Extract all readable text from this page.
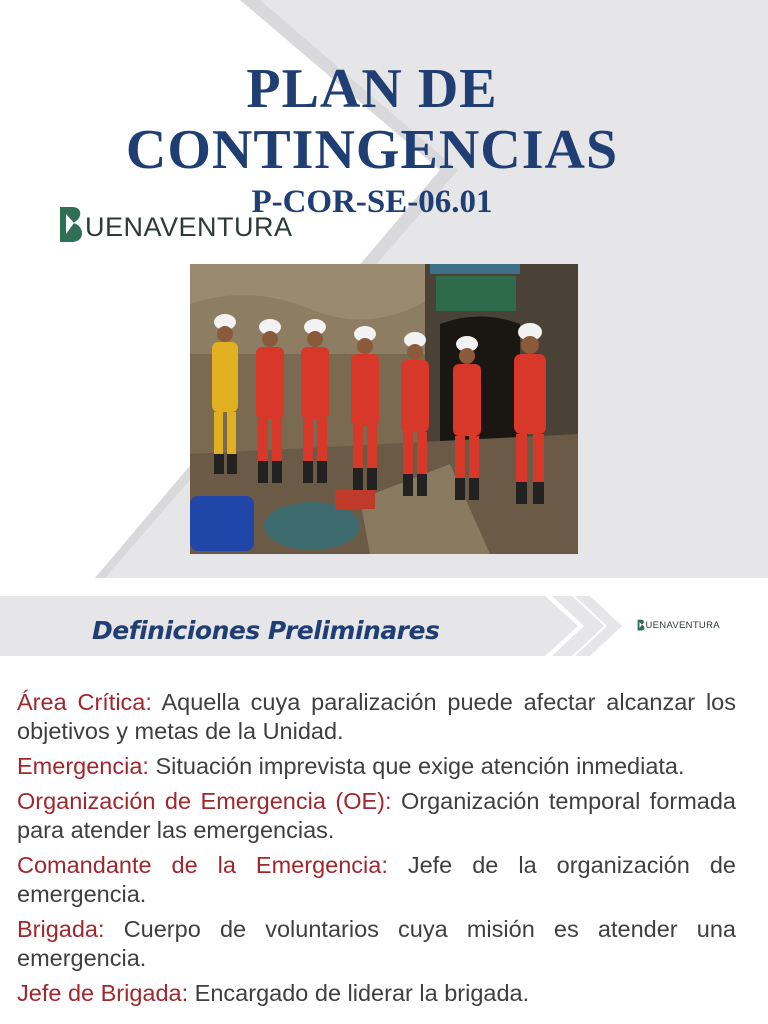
PLAN DE
CONTINGENCIAS
P-COR-SE-06.01
UENAVENTURA
Definiciones Preliminares	UENAVENTURA

Área Crítica: Aquella cuya paralización puede afectar alcanzar los objetivos y metas de la Unidad.

Emergencia: Situación imprevista que exige atención inmediata.

Organización de Emergencia (OE): Organización temporal formada para atender las emergencias.

Comandante de la Emergencia: Jefe de la organización de emergencia.

Brigada: Cuerpo de voluntarios cuya misión es atender una emergencia.

Jefe de Brigada: Encargado de liderar la brigada.
